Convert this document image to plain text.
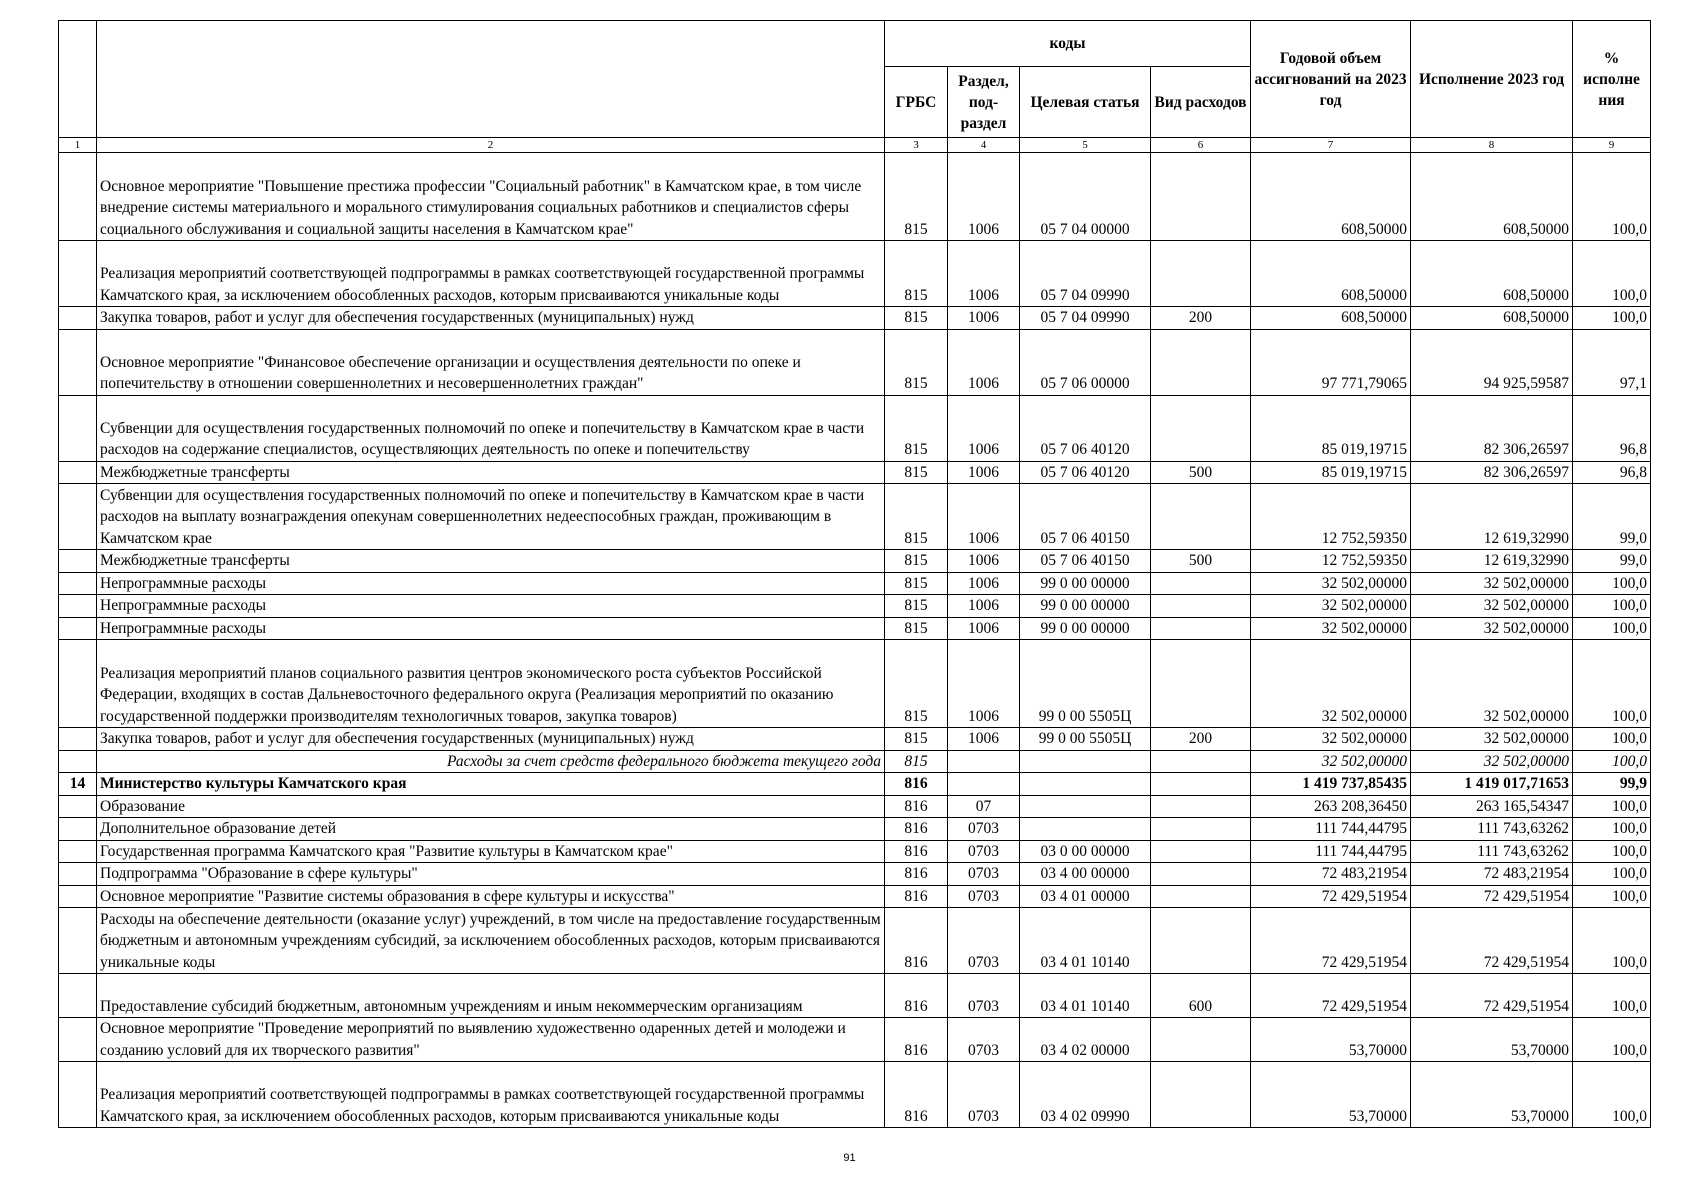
		коды				Годовой объем ассигнований на 2023 год	Исполнение 2023 год	% исполне ния
		ГРБС	Раздел, под-раздел	Целевая статья	Вид расходов			
1	2	3	4	5	6	7	8	9
	Основное мероприятие "Повышение престижа профессии "Социальный работник" в Камчатском крае, в том числе внедрение системы материального и морального стимулирования социальных работников и специалистов сферы социального обслуживания и социальной защиты населения в Камчатском крае"	815	1006	05 7 04 00000		608,50000	608,50000	100,0
	Реализация мероприятий соответствующей подпрограммы в рамках соответствующей государственной программы Камчатского края, за исключением обособленных расходов, которым присваиваются уникальные коды	815	1006	05 7 04 09990		608,50000	608,50000	100,0
	Закупка товаров, работ и услуг для обеспечения государственных (муниципальных) нужд	815	1006	05 7 04 09990	200	608,50000	608,50000	100,0
	Основное мероприятие "Финансовое обеспечение организации и осуществления деятельности по опеке и попечительству в отношении совершеннолетних и несовершеннолетних граждан"	815	1006	05 7 06 00000		97 771,79065	94 925,59587	97,1
	Субвенции для осуществления государственных полномочий по опеке и попечительству в Камчатском крае в части расходов на содержание специалистов, осуществляющих деятельность по опеке и попечительству	815	1006	05 7 06 40120		85 019,19715	82 306,26597	96,8
	Межбюджетные трансферты	815	1006	05 7 06 40120	500	85 019,19715	82 306,26597	96,8
	Субвенции для осуществления государственных полномочий по опеке и попечительству в Камчатском крае в части расходов на выплату вознаграждения опекунам совершеннолетних недееспособных граждан, проживающим в Камчатском крае	815	1006	05 7 06 40150		12 752,59350	12 619,32990	99,0
	Межбюджетные трансферты	815	1006	05 7 06 40150	500	12 752,59350	12 619,32990	99,0
	Непрограммные расходы	815	1006	99 0 00 00000		32 502,00000	32 502,00000	100,0
	Непрограммные расходы	815	1006	99 0 00 00000		32 502,00000	32 502,00000	100,0
	Непрограммные расходы	815	1006	99 0 00 00000		32 502,00000	32 502,00000	100,0
	Реализация мероприятий планов социального развития центров экономического роста субъектов Российской Федерации, входящих в состав Дальневосточного федерального округа (Реализация мероприятий по оказанию государственной поддержки производителям технологичных товаров, закупка товаров)	815	1006	99 0 00 5505Ц		32 502,00000	32 502,00000	100,0
	Закупка товаров, работ и услуг для обеспечения государственных (муниципальных) нужд	815	1006	99 0 00 5505Ц	200	32 502,00000	32 502,00000	100,0
	Расходы за счет средств федерального бюджета текущего года	815				32 502,00000	32 502,00000	100,0
14	Министерство культуры Камчатского края	816				1 419 737,85435	1 419 017,71653	99,9
	Образование	816	07			263 208,36450	263 165,54347	100,0
	Дополнительное образование детей	816	0703			111 744,44795	111 743,63262	100,0
	Государственная программа Камчатского края "Развитие культуры в Камчатском крае"	816	0703	03 0 00 00000		111 744,44795	111 743,63262	100,0
	Подпрограмма "Образование в сфере культуры"	816	0703	03 4 00 00000		72 483,21954	72 483,21954	100,0
	Основное мероприятие "Развитие системы образования в сфере культуры и искусства"	816	0703	03 4 01 00000		72 429,51954	72 429,51954	100,0
	Расходы на обеспечение деятельности (оказание услуг) учреждений, в том числе на предоставление государственным бюджетным и автономным учреждениям субсидий, за исключением обособленных расходов, которым присваиваются уникальные коды	816	0703	03 4 01 10140		72 429,51954	72 429,51954	100,0
	Предоставление субсидий бюджетным, автономным учреждениям и иным некоммерческим организациям	816	0703	03 4 01 10140	600	72 429,51954	72 429,51954	100,0
	Основное мероприятие "Проведение мероприятий по выявлению художественно одаренных детей и молодежи и созданию условий для их творческого развития"	816	0703	03 4 02 00000		53,70000	53,70000	100,0
	Реализация мероприятий соответствующей подпрограммы в рамках соответствующей государственной программы Камчатского края, за исключением обособленных расходов, которым присваиваются уникальные коды	816	0703	03 4 02 09990		53,70000	53,70000	100,0
91
